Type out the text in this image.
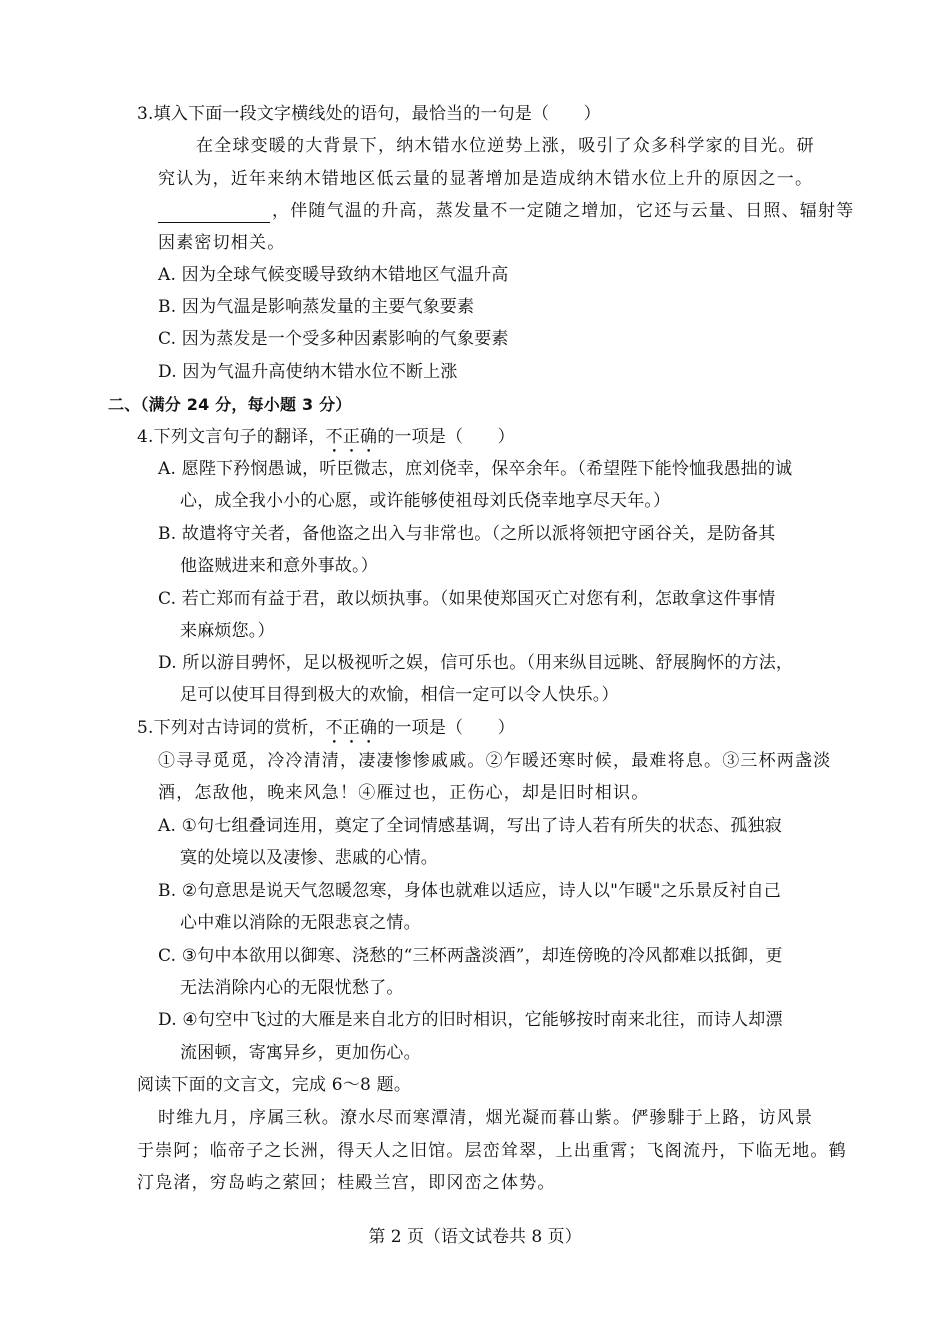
3.填入下面一段文字横线处的语句，最恰当的一句是（　　）
在全球变暖的大背景下，纳木错水位逆势上涨，吸引了众多科学家的目光。研
究认为，近年来纳木错地区低云量的显著增加是造成纳木错水位上升的原因之一。
，伴随气温的升高，蒸发量不一定随之增加，它还与云量、日照、辐射等
因素密切相关。
A. 因为全球气候变暖导致纳木错地区气温升高
B. 因为气温是影响蒸发量的主要气象要素
C. 因为蒸发是一个受多种因素影响的气象要素
D. 因为气温升高使纳木错水位不断上涨
二、（满分 24 分，每小题 3 分）
4.下列文言句子的翻译，不正确的一项是（　　）
A. 愿陛下矜悯愚诚，听臣微志，庶刘侥幸，保卒余年。（希望陛下能怜恤我愚拙的诚
心，成全我小小的心愿，或许能够使祖母刘氏侥幸地享尽天年。）
B. 故遣将守关者，备他盗之出入与非常也。（之所以派将领把守函谷关，是防备其
他盗贼进来和意外事故。）
C. 若亡郑而有益于君，敢以烦执事。（如果使郑国灭亡对您有利，怎敢拿这件事情
来麻烦您。）
D. 所以游目骋怀，足以极视听之娱，信可乐也。（用来纵目远眺、舒展胸怀的方法，
足可以使耳目得到极大的欢愉，相信一定可以令人快乐。）
5.下列对古诗词的赏析，不正确的一项是（　　）
①寻寻觅觅，冷冷清清，凄凄惨惨戚戚。②乍暖还寒时候，最难将息。③三杯两盏淡
酒，怎敌他，晚来风急！④雁过也，正伤心，却是旧时相识。
A. ①句七组叠词连用，奠定了全词情感基调，写出了诗人若有所失的状态、孤独寂
寞的处境以及凄惨、悲戚的心情。
B. ②句意思是说天气忽暖忽寒，身体也就难以适应，诗人以"乍暖"之乐景反衬自己
心中难以消除的无限悲哀之情。
C. ③句中本欲用以御寒、浇愁的“三杯两盏淡酒”，却连傍晚的冷风都难以抵御，更
无法消除内心的无限忧愁了。
D. ④句空中飞过的大雁是来自北方的旧时相识，它能够按时南来北往，而诗人却漂
流困顿，寄寓异乡，更加伤心。
阅读下面的文言文，完成 6～8 题。
时维九月，序属三秋。潦水尽而寒潭清，烟光凝而暮山紫。俨骖騑于上路，访风景
于崇阿；临帝子之长洲，得天人之旧馆。层峦耸翠，上出重霄；飞阁流丹，下临无地。鹤
汀凫渚，穷岛屿之萦回；桂殿兰宫，即冈峦之体势。
第 2 页（语文试卷共 8 页）
